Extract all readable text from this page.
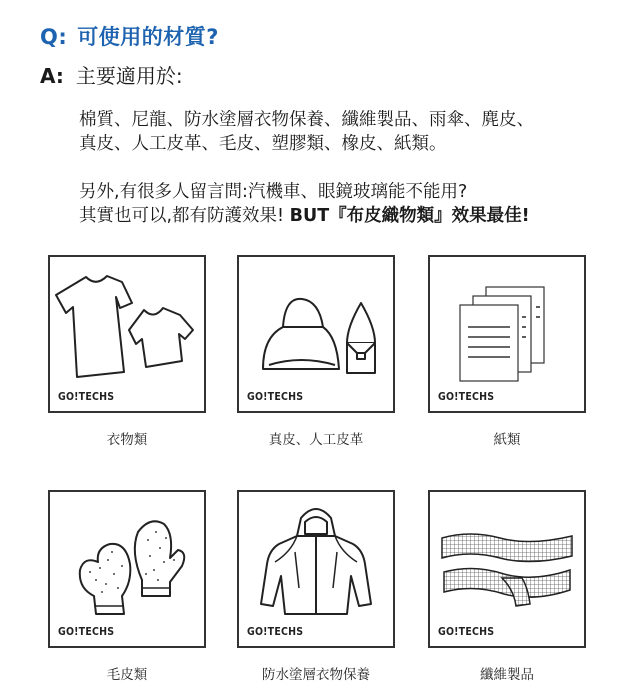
Q: 可使用的材質?
A: 主要適用於:
棉質、尼龍、防水塗層衣物保養、纖維製品、雨傘、麂皮、
真皮、人工皮革、毛皮、塑膠類、橡皮、紙類。
另外,有很多人留言問:汽機車、眼鏡玻璃能不能用?
其實也可以,都有防護效果! BUT『布皮織物類』效果最佳!
GO!TECHS
衣物類
GO!TECHS
真皮、人工皮革
GO!TECHS
紙類
GO!TECHS
毛皮類
GO!TECHS
防水塗層衣物保養
GO!TECHS
纖維製品
